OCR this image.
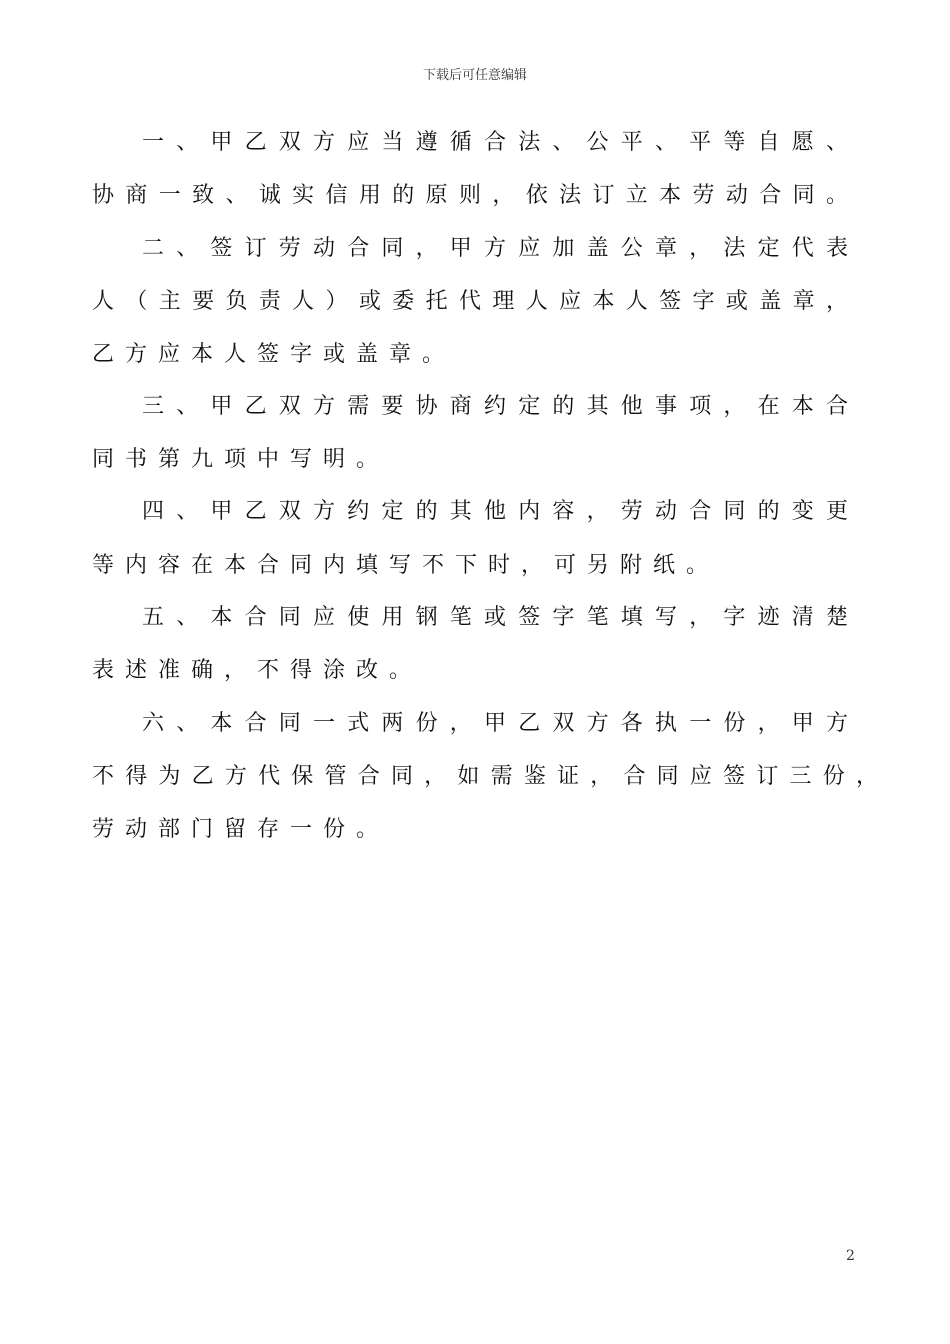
下载后可任意编辑
一、甲乙双方应当遵循合法、公平、平等自愿、
协商一致、诚实信用的原则，依法订立本劳动合同。
二、签订劳动合同，甲方应加盖公章，法定代表
人（主要负责人）或委托代理人应本人签字或盖章，
乙方应本人签字或盖章。
三、甲乙双方需要协商约定的其他事项，在本合
同书第九项中写明。
四、甲乙双方约定的其他内容，劳动合同的变更
等内容在本合同内填写不下时，可另附纸。
五、本合同应使用钢笔或签字笔填写，字迹清楚
表述准确，不得涂改。
六、本合同一式两份，甲乙双方各执一份，甲方
不得为乙方代保管合同，如需鉴证，合同应签订三份，
劳动部门留存一份。
2
